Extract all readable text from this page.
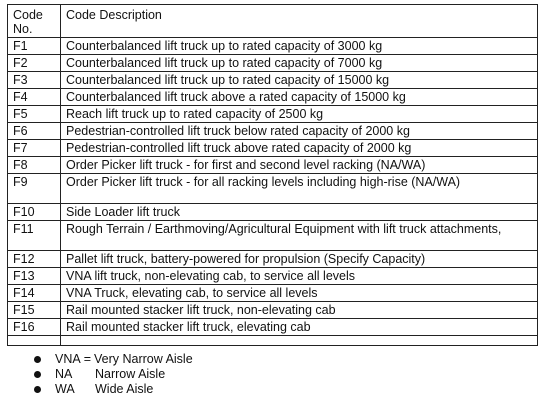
Code
No.	Code Description
F1	Counterbalanced lift truck up to rated capacity of 3000 kg
F2	Counterbalanced lift truck up to rated capacity of 7000 kg
F3	Counterbalanced lift truck up to rated capacity of 15000 kg
F4	Counterbalanced lift truck above a rated capacity of 15000 kg
F5	Reach lift truck up to rated capacity of 2500 kg
F6	Pedestrian-controlled lift truck below rated capacity of 2000 kg
F7	Pedestrian-controlled lift truck above rated capacity of 2000 kg
F8	Order Picker lift truck - for first and second level racking (NA/WA)
F9	Order Picker lift truck - for all racking levels including high-rise (NA/WA)
F10	Side Loader lift truck
F11	Rough Terrain / Earthmoving/Agricultural Equipment with lift truck attachments,
F12	Pallet lift truck, battery-powered for propulsion (Specify Capacity)
F13	VNA lift truck, non-elevating cab, to service all levels
F14	VNA Truck, elevating cab, to service all levels
F15	Rail mounted stacker lift truck, non-elevating cab
F16	Rail mounted stacker lift truck, elevating cab

VNA = Very Narrow Aisle
NA Narrow Aisle
WA Wide Aisle
